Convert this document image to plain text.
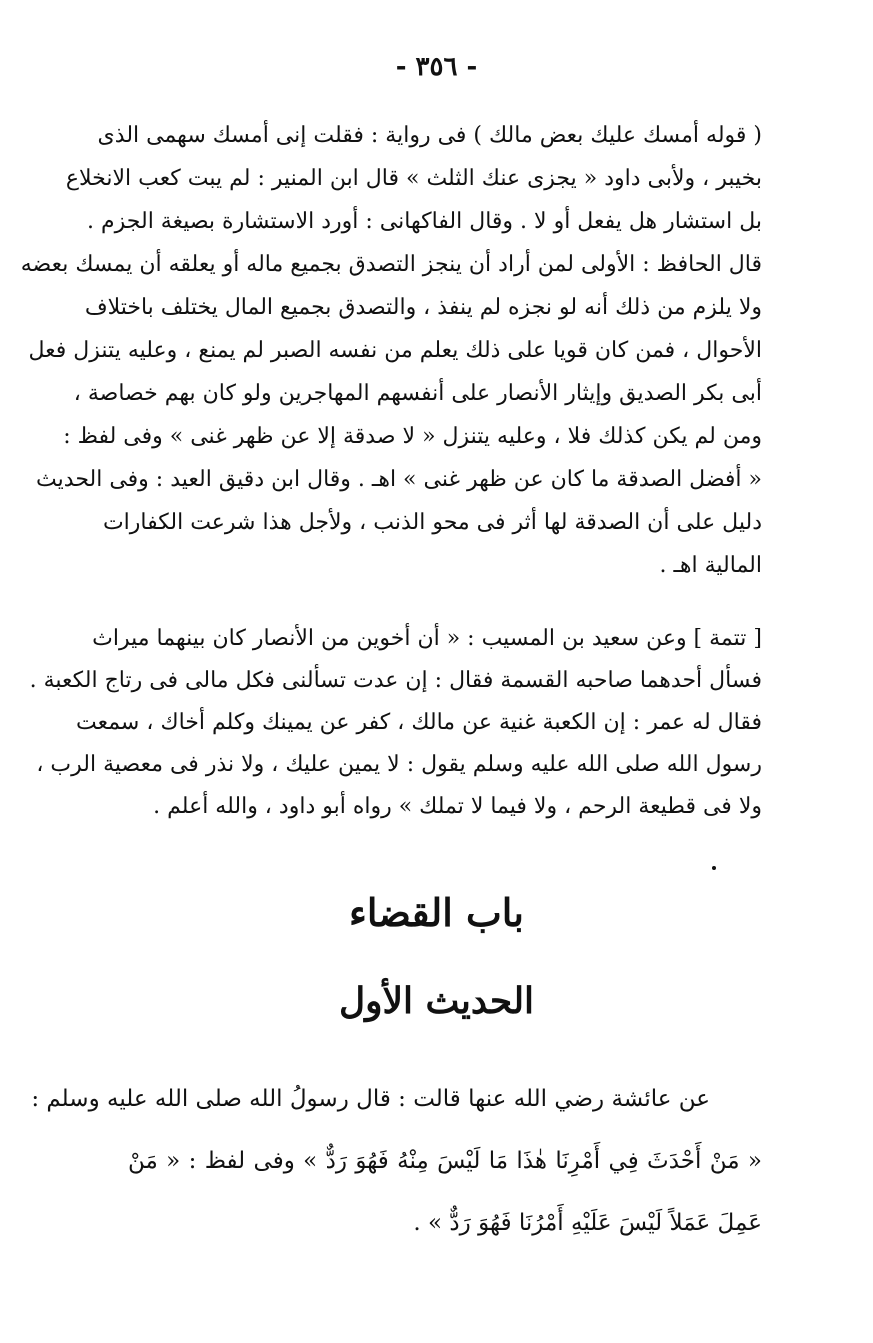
- ٣٥٦ -
( قوله أمسك عليك بعض مالك ) فى رواية : فقلت إنى أمسك سهمى الذى
بخيبر ، ولأبى داود « يجزى عنك الثلث » قال ابن المنير : لم يبت كعب الانخلاع
بل استشار هل يفعل أو لا . وقال الفاكهانى : أورد الاستشارة بصيغة الجزم .
قال الحافظ : الأولى لمن أراد أن ينجز التصدق بجميع ماله أو يعلقه أن يمسك بعضه
ولا يلزم من ذلك أنه لو نجزه لم ينفذ ، والتصدق بجميع المال يختلف باختلاف
الأحوال ، فمن كان قويا على ذلك يعلم من نفسه الصبر لم يمنع ، وعليه يتنزل فعل
أبى بكر الصديق وإيثار الأنصار على أنفسهم المهاجرين ولو كان بهم خصاصة ،
ومن لم يكن كذلك فلا ، وعليه يتنزل « لا صدقة إلا عن ظهر غنى » وفى لفظ :
« أفضل الصدقة ما كان عن ظهر غنى » اهـ . وقال ابن دقيق العيد : وفى الحديث
دليل على أن الصدقة لها أثر فى محو الذنب ، ولأجل هذا شرعت الكفارات
المالية اهـ .
[ تتمة ] وعن سعيد بن المسيب : « أن أخوين من الأنصار كان بينهما ميراث
فسأل أحدهما صاحبه القسمة فقال : إن عدت تسألنى فكل مالى فى رتاج الكعبة .
فقال له عمر : إن الكعبة غنية عن مالك ، كفر عن يمينك وكلم أخاك ، سمعت
رسول الله صلى الله عليه وسلم يقول : لا يمين عليك ، ولا نذر فى معصية الرب ،
ولا فى قطيعة الرحم ، ولا فيما لا تملك » رواه أبو داود ، والله أعلم .
باب القضاء
الحديث الأول
عن عائشة رضي الله عنها قالت : قال رسولُ الله صلى الله عليه وسلم :
« مَنْ أَحْدَثَ فِي أَمْرِنَا هٰذَا مَا لَيْسَ مِنْهُ فَهُوَ رَدٌّ » وفى لفظ : « مَنْ
عَمِلَ عَمَلاً لَيْسَ عَلَيْهِ أَمْرُنَا فَهُوَ رَدٌّ » .
